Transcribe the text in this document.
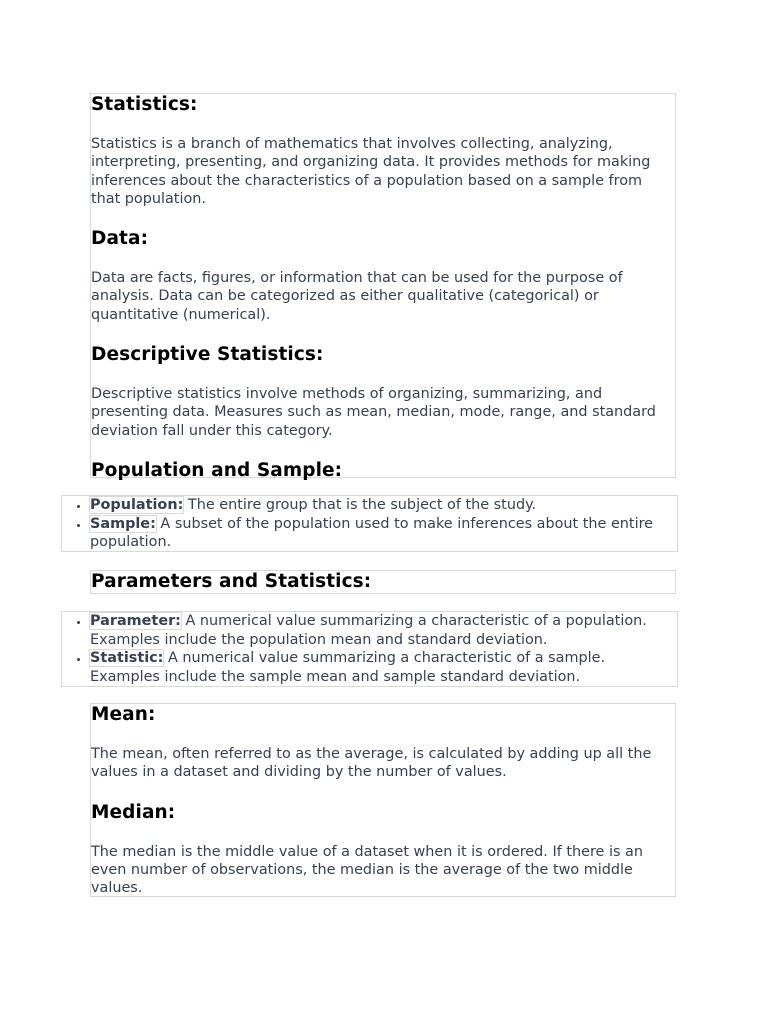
Statistics:

Statistics is a branch of mathematics that involves collecting, analyzing, interpreting, presenting, and organizing data. It provides methods for making inferences about the characteristics of a population based on a sample from that population.

Data:

Data are facts, figures, or information that can be used for the purpose of analysis. Data can be categorized as either qualitative (categorical) or quantitative (numerical).

Descriptive Statistics:

Descriptive statistics involve methods of organizing, summarizing, and presenting data. Measures such as mean, median, mode, range, and standard deviation fall under this category.

Population and Sample:
• Population: The entire group that is the subject of the study.
• Sample: A subset of the population used to make inferences about the entire population.
Parameters and Statistics:
• Parameter: A numerical value summarizing a characteristic of a population. Examples include the population mean and standard deviation.
• Statistic: A numerical value summarizing a characteristic of a sample. Examples include the sample mean and sample standard deviation.
Mean:

The mean, often referred to as the average, is calculated by adding up all the values in a dataset and dividing by the number of values.

Median:

The median is the middle value of a dataset when it is ordered. If there is an even number of observations, the median is the average of the two middle values.
